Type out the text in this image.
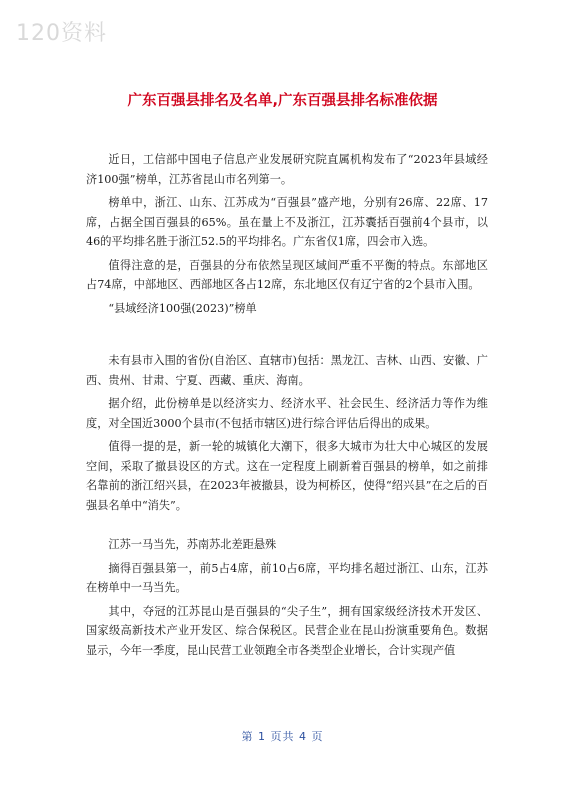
120资料
广东百强县排名及名单,广东百强县排名标准依据

近日，工信部中国电子信息产业发展研究院直属机构发布了“2023年县域经济100强”榜单，江苏省昆山市名列第一。

榜单中，浙江、山东、江苏成为“百强县”盛产地，分别有26席、22席、17席，占据全国百强县的65%。虽在量上不及浙江，江苏囊括百强前4个县市，以46的平均排名胜于浙江52.5的平均排名。广东省仅1席，四会市入选。

值得注意的是，百强县的分布依然呈现区域间严重不平衡的特点。东部地区占74席，中部地区、西部地区各占12席，东北地区仅有辽宁省的2个县市入围。

“县域经济100强(2023)”榜单

未有县市入围的省份(自治区、直辖市)包括：黑龙江、吉林、山西、安徽、广西、贵州、甘肃、宁夏、西藏、重庆、海南。

据介绍，此份榜单是以经济实力、经济水平、社会民生、经济活力等作为维度，对全国近3000个县市(不包括市辖区)进行综合评估后得出的成果。

值得一提的是，新一轮的城镇化大潮下，很多大城市为壮大中心城区的发展空间，采取了撤县设区的方式。这在一定程度上刷新着百强县的榜单，如之前排名靠前的浙江绍兴县，在2023年被撤县，设为柯桥区，使得“绍兴县”在之后的百强县名单中“消失”。

江苏一马当先，苏南苏北差距悬殊

摘得百强县第一，前5占4席，前10占6席，平均排名超过浙江、山东，江苏在榜单中一马当先。

其中，夺冠的江苏昆山是百强县的“尖子生”，拥有国家级经济技术开发区、国家级高新技术产业开发区、综合保税区。民营企业在昆山扮演重要角色。数据显示，今年一季度，昆山民营工业领跑全市各类型企业增长，合计实现产值

第 1 页共 4 页
